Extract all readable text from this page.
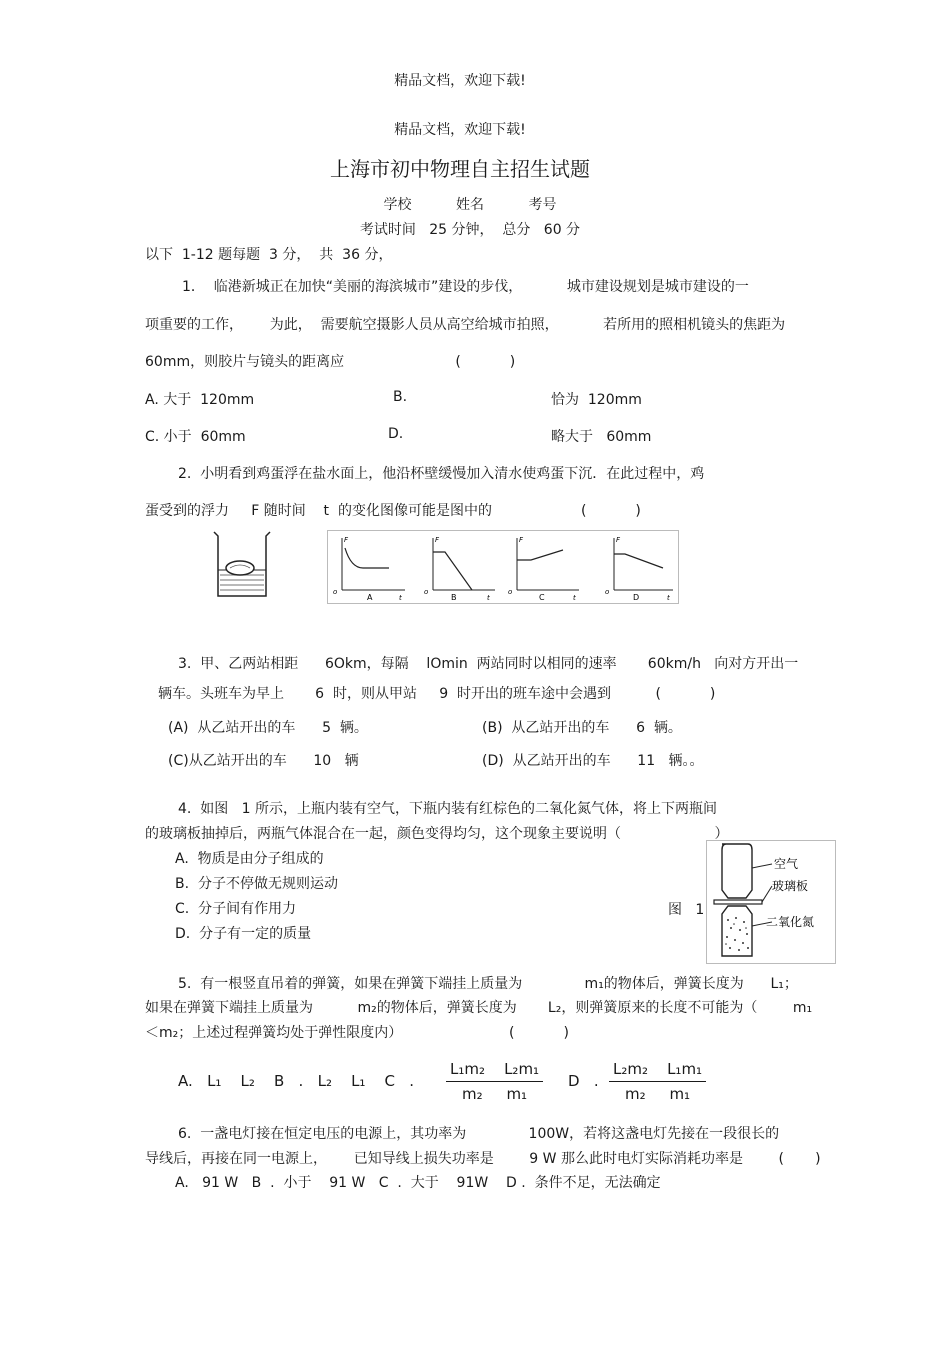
精品文档，欢迎下载!
精品文档，欢迎下载!
上海市初中物理自主招生试题
学校          姓名          考号
考试时间   25 分钟，  总分   60 分
以下  1-12 题每题  3 分，  共  36 分，
1．  临港新城正在加快“美丽的海滨城市”建设的步伐，          城市建设规划是城市建设的一
项重要的工作，      为此，  需要航空摄影人员从高空给城市拍照，          若所用的照相机镜头的焦距为
60mm，则胶片与镜头的距离应                         (           )
A. 大于  120mm	B.	恰为  120mm
C. 小于  60mm	D.	略大于   60mm
2.  小明看到鸡蛋浮在盐水面上，他沿杯壁缓慢加入清水使鸡蛋下沉．在此过程中，鸡
蛋受到的浮力     F 随时间    t  的变化图像可能是图中的                    (           )
F
o
t
A
F
o
t
B
F
o
t
C
F
o
t
D
3.  甲、乙两站相距      6Okm，每隔    lOmin  两站同时以相同的速率       60km/h   向对方开出一
辆车。头班车为早上       6  时，则从甲站     9  时开出的班车途中会遇到          (           )
(A)  从乙站开出的车      5  辆。	(B)  从乙站开出的车      6  辆。
(C)从乙站开出的车      10   辆	(D)  从乙站开出的车      11   辆。。
4.  如图   1 所示，上瓶内装有空气，下瓶内装有红棕色的二氧化氮气体，将上下两瓶间
的玻璃板抽掉后，两瓶气体混合在一起，颜色变得均匀，这个现象主要说明（                     ）
A.  物质是由分子组成的
B.  分子不停做无规则运动
C.  分子间有作用力
D.  分子有一定的质量
图   1
空气
玻璃板
二氧化氮
5.  有一根竖直吊着的弹簧，如果在弹簧下端挂上质量为              m₁的物体后，弹簧长度为      L₁；
如果在弹簧下端挂上质量为          m₂的物体后，弹簧长度为       L₂，则弹簧原来的长度不可能为（        m₁
＜m₂；上述过程弹簧均处于弹性限度内）                        (           )
A.   L₁    L₂    B   .   L₂    L₁    C   . $\frac{\text{L₁m₂    L₂m₁}}{\text{m₂     m₁}}$ D   . $\frac{\text{L₂m₂    L₁m₁}}{\text{m₂     m₁}}$
6.  一盏电灯接在恒定电压的电源上，其功率为              100W，若将这盏电灯先接在一段很长的
导线后，再接在同一电源上，      已知导线上损失功率是        9 W 那么此时电灯实际消耗功率是        (       )
A.   91 W   B  .  小于    91 W   C  .  大于    91W    D .  条件不足，无法确定
